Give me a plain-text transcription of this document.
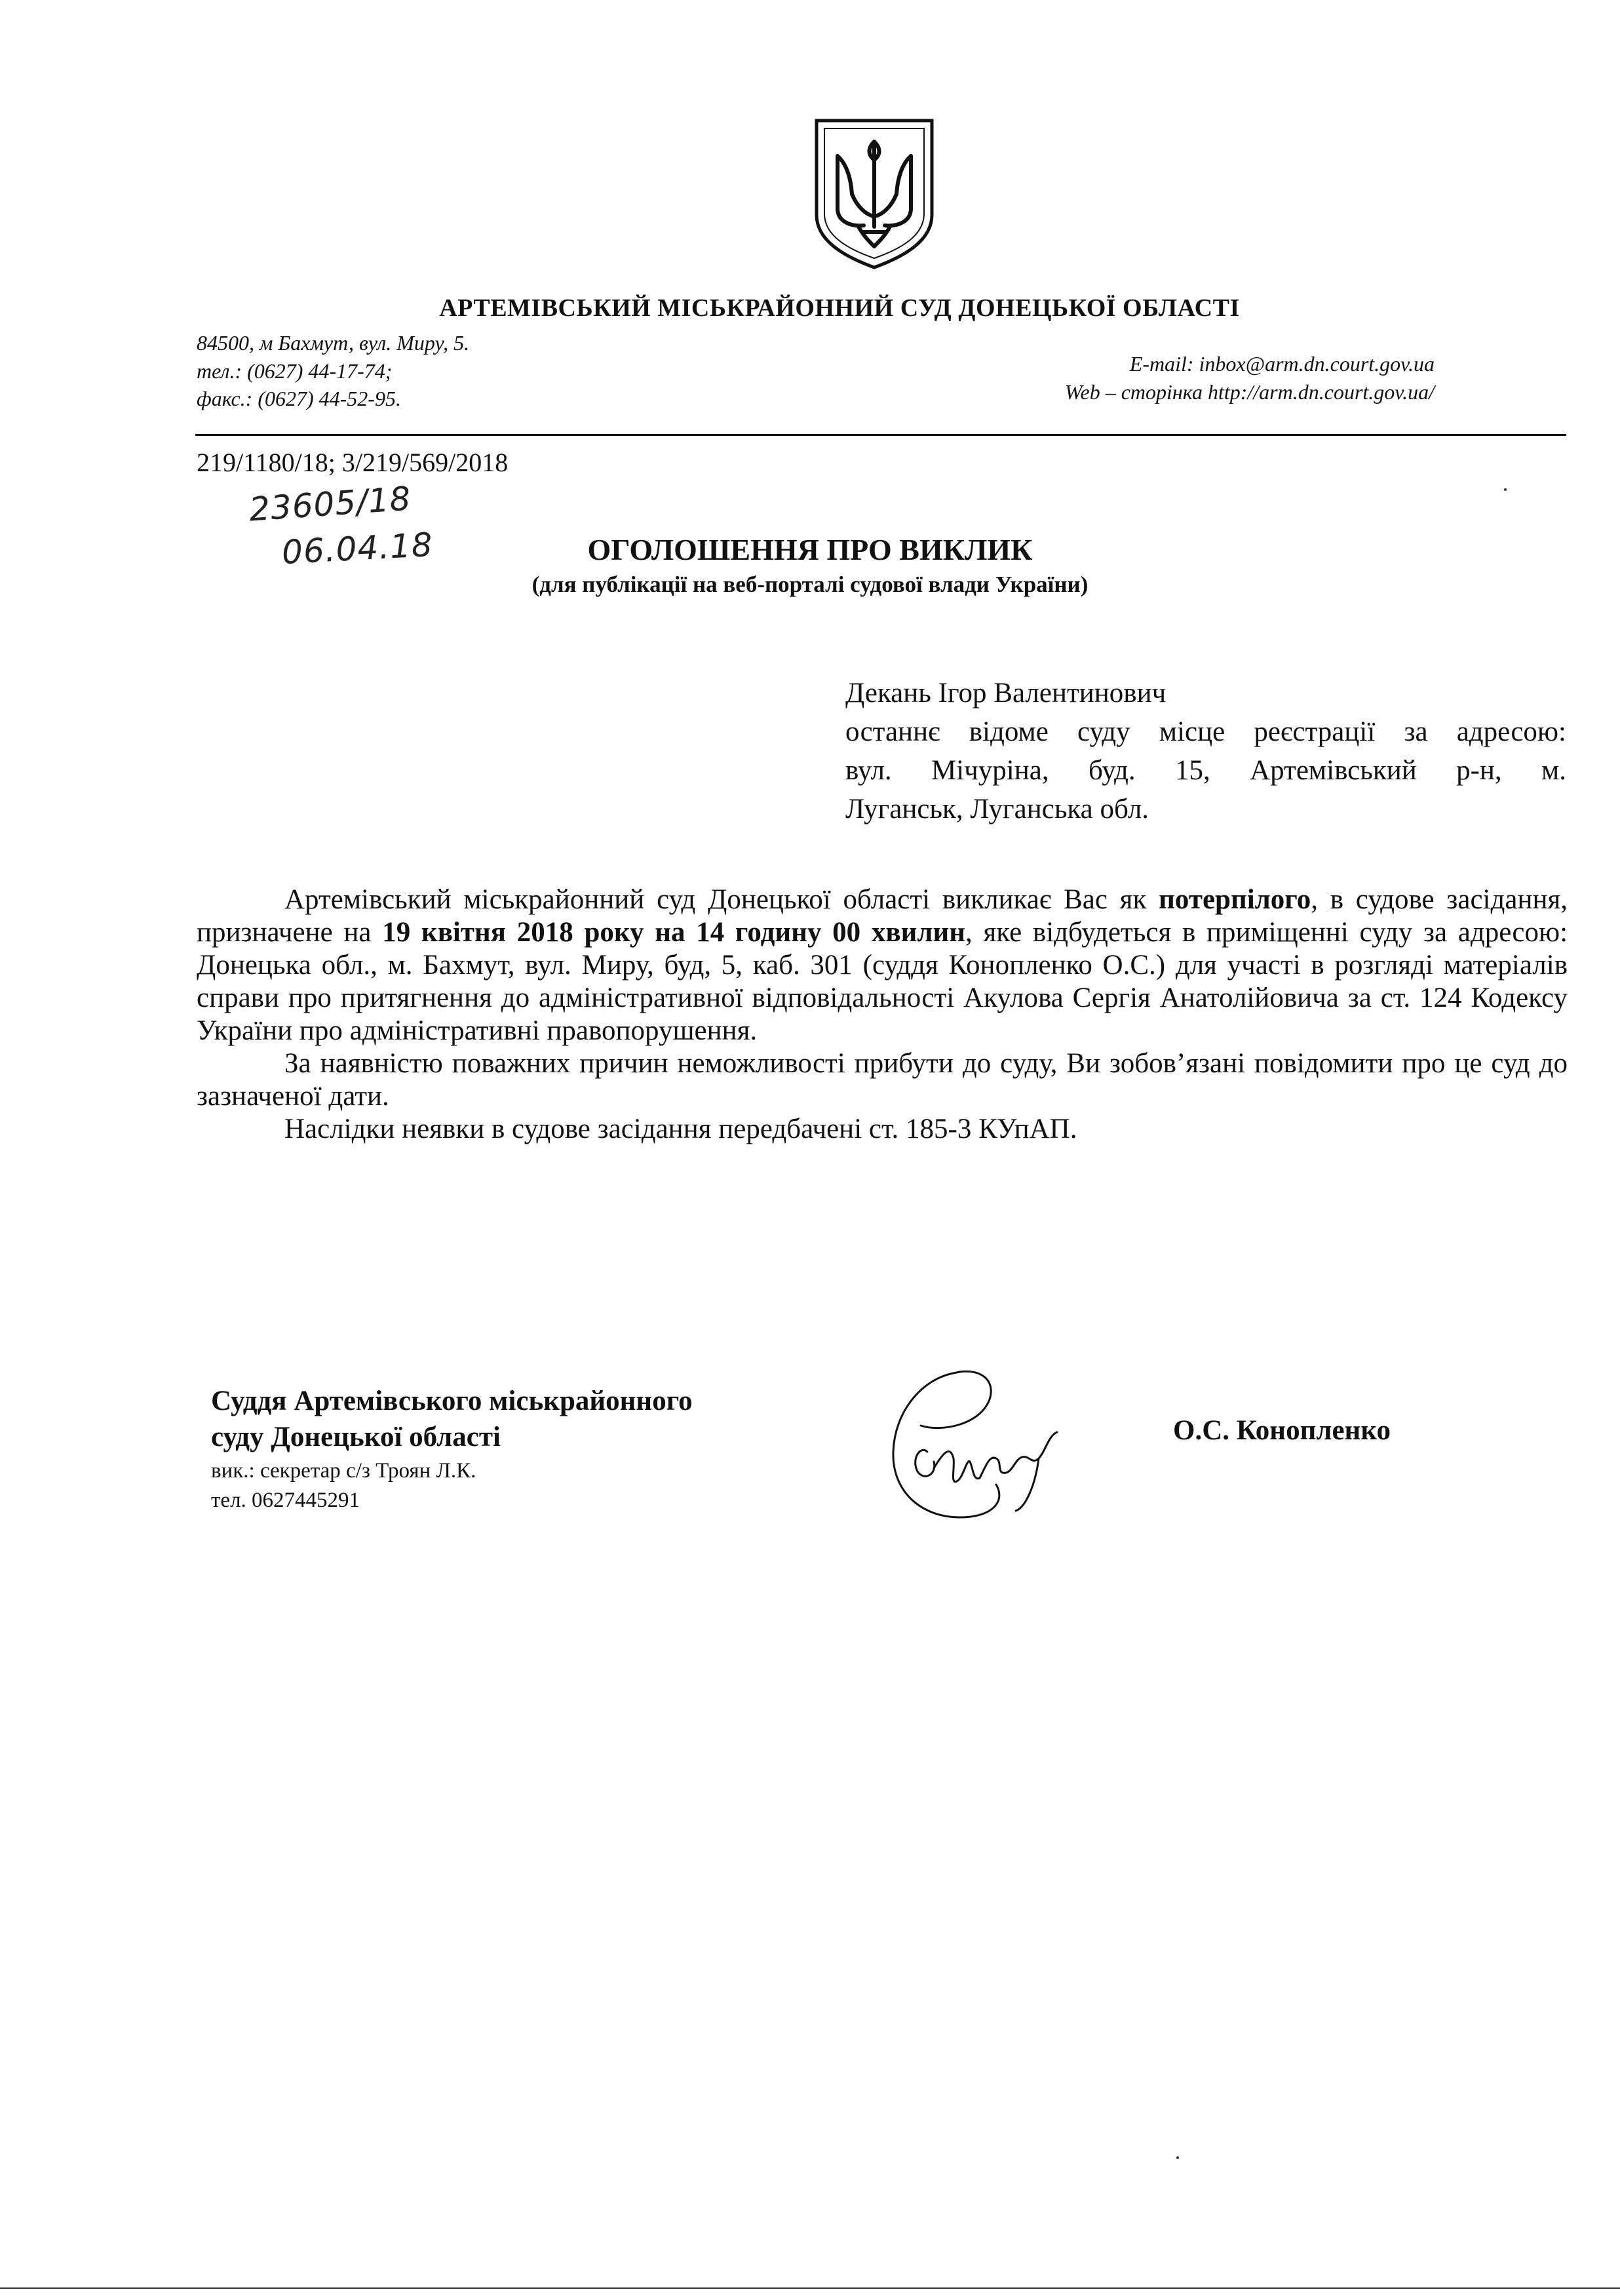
АРТЕМІВСЬКИЙ МІСЬКРАЙОННИЙ СУД ДОНЕЦЬКОЇ ОБЛАСТІ
84500, м Бахмут, вул. Миру, 5.
тел.: (0627) 44-17-74;
факс.: (0627) 44-52-95.
E-mail: inbox@arm.dn.court.gov.ua
Web – сторінка http://arm.dn.court.gov.ua/
219/1180/18; 3/219/569/2018
23605/18
06.04.18	ОГОЛОШЕННЯ ПРО ВИКЛИК
(для публікації на веб-порталі судової влади України)
Декань Ігор Валентинович
останнє відоме суду місце реєстрації за адресою:
вул. Мічуріна, буд. 15, Артемівський р-н, м.
Луганськ, Луганська обл.

Артемівський міськрайонний суд Донецької області викликає Вас як потерпілого, в судове засідання, призначене на 19 квітня 2018 року на 14 годину 00 хвилин, яке відбудеться в приміщенні суду за адресою: Донецька обл., м. Бахмут, вул. Миру, буд, 5, каб. 301 (суддя Конопленко О.С.) для участі в розгляді матеріалів справи про притягнення до адміністративної відповідальності Акулова Сергія Анатолійовича за ст. 124 Кодексу України про адміністративні правопорушення.

За наявністю поважних причин неможливості прибути до суду, Ви зобов’язані повідомити про це суд до зазначеної дати.

Наслідки неявки в судове засідання передбачені ст. 185-3 КУпАП.

Суддя Артемівського міськрайонного
суду Донецької області
вик.: секретар с/з Троян Л.К.
тел. 0627445291
О.С. Конопленко
